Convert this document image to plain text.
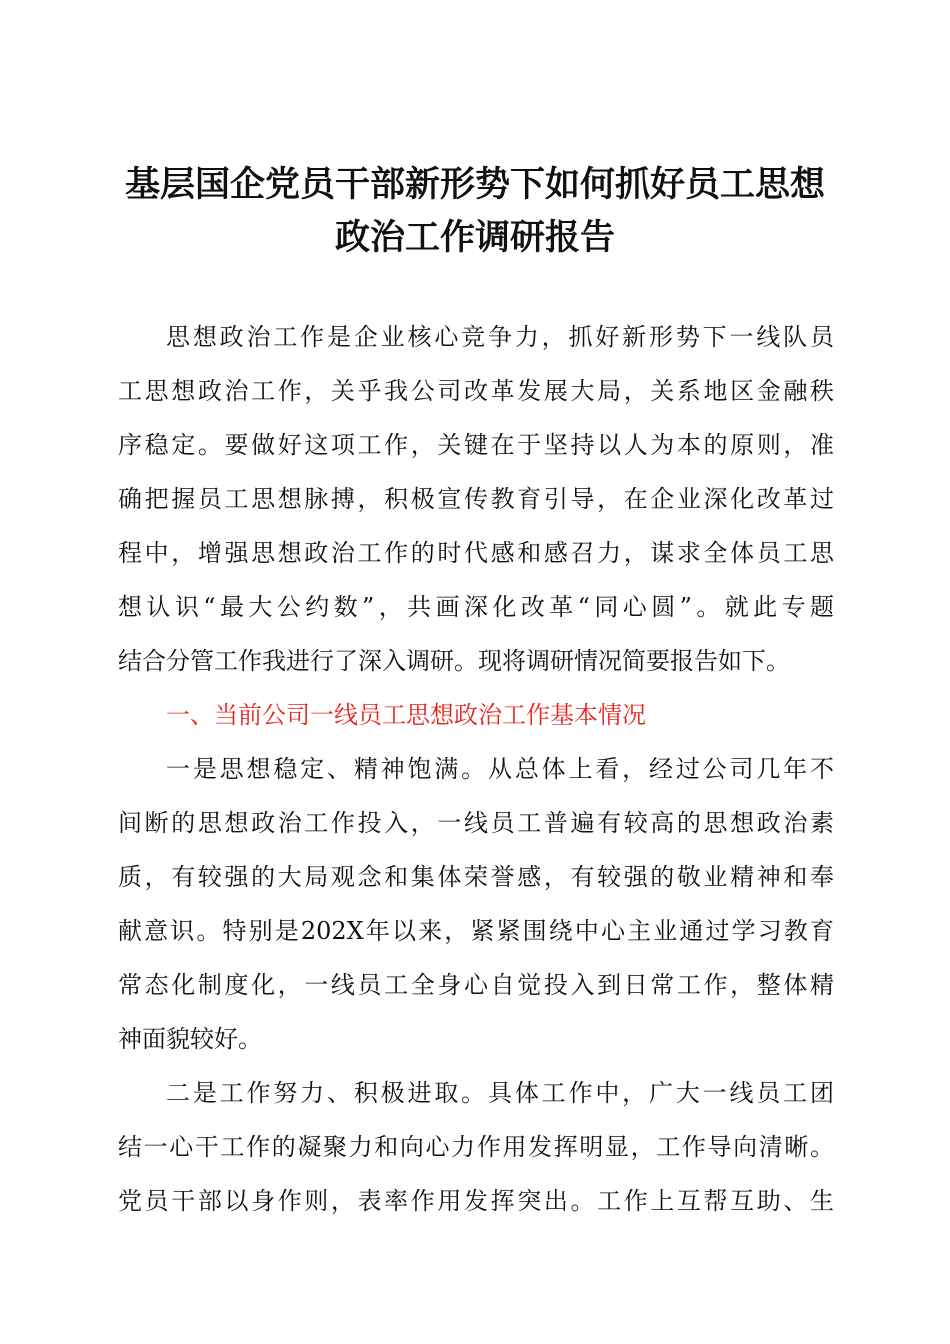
基层国企党员干部新形势下如何抓好员工思想
政治工作调研报告
思想政治工作是企业核心竞争力，抓好新形势下一线队员
工思想政治工作，关乎我公司改革发展大局，关系地区金融秩
序稳定。要做好这项工作，关键在于坚持以人为本的原则，准
确把握员工思想脉搏，积极宣传教育引导，在企业深化改革过
程中，增强思想政治工作的时代感和感召力，谋求全体员工思
想认识“最大公约数”，共画深化改革“同心圆”。就此专题
结合分管工作我进行了深入调研。现将调研情况简要报告如下。
一、当前公司一线员工思想政治工作基本情况
一是思想稳定、精神饱满。从总体上看，经过公司几年不
间断的思想政治工作投入，一线员工普遍有较高的思想政治素
质，有较强的大局观念和集体荣誉感，有较强的敬业精神和奉
献意识。特别是202X年以来，紧紧围绕中心主业通过学习教育
常态化制度化，一线员工全身心自觉投入到日常工作，整体精
神面貌较好。
二是工作努力、积极进取。具体工作中，广大一线员工团
结一心干工作的凝聚力和向心力作用发挥明显，工作导向清晰。
党员干部以身作则，表率作用发挥突出。工作上互帮互助、生
